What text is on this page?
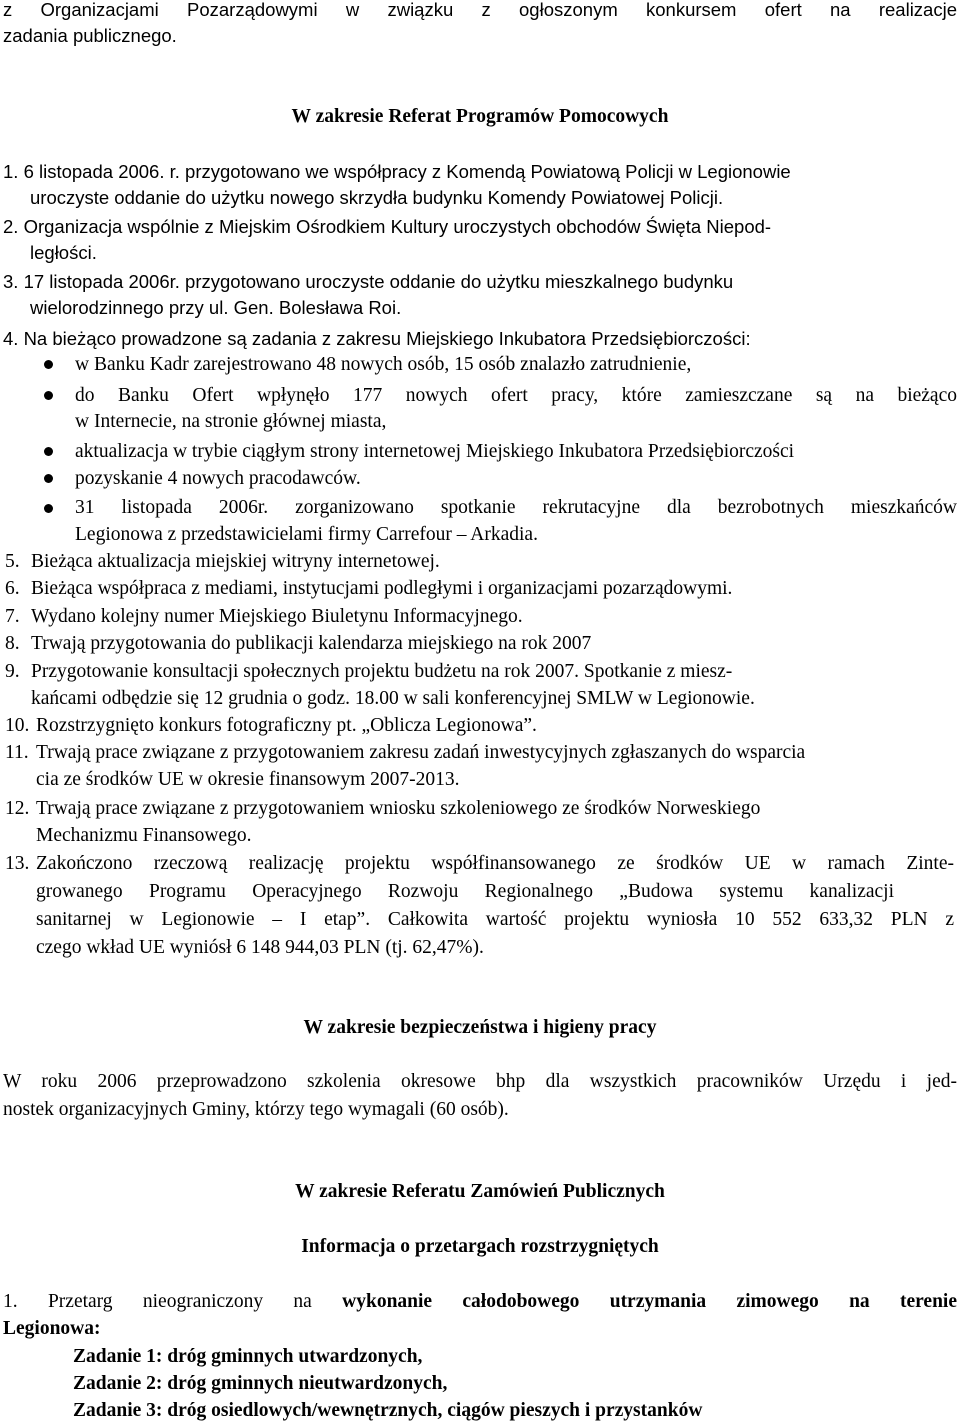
z Organizacjami Pozarządowymi w związku z ogłoszonym konkursem ofert na realizacje
zadania publicznego.
W zakresie Referat Programów Pomocowych
1. 6 listopada 2006. r. przygotowano we współpracy z Komendą Powiatową Policji w Legionowie
uroczyste oddanie do użytku nowego skrzydła budynku Komendy Powiatowej Policji.
2. Organizacja wspólnie z Miejskim Ośrodkiem Kultury uroczystych obchodów Święta Niepod-
ległości.
3. 17 listopada 2006r. przygotowano uroczyste oddanie do użytku mieszkalnego budynku
wielorodzinnego przy ul. Gen. Bolesława Roi.
4. Na bieżąco prowadzone są zadania z zakresu Miejskiego Inkubatora Przedsiębiorczości:
w Banku Kadr zarejestrowano 48 nowych osób, 15 osób znalazło zatrudnienie,
do Banku Ofert wpłynęło 177 nowych ofert pracy, które zamieszczane są na bieżąco
w Internecie, na stronie głównej miasta,
aktualizacja w trybie ciągłym strony internetowej Miejskiego Inkubatora Przedsiębiorczości
pozyskanie 4 nowych pracodawców.
31 listopada 2006r. zorganizowano spotkanie rekrutacyjne dla bezrobotnych mieszkańców
Legionowa z przedstawicielami firmy Carrefour – Arkadia.
5. Bieżąca aktualizacja miejskiej witryny internetowej.
6. Bieżąca współpraca z mediami, instytucjami podległymi i organizacjami pozarządowymi.
7. Wydano kolejny numer Miejskiego Biuletynu Informacyjnego.
8. Trwają przygotowania do publikacji kalendarza miejskiego na rok 2007
9. Przygotowanie konsultacji społecznych projektu budżetu na rok 2007. Spotkanie z miesz-
kańcami odbędzie się 12 grudnia o godz. 18.00 w sali konferencyjnej SMLW w Legionowie.
10. Rozstrzygnięto konkurs fotograficzny pt. „Oblicza Legionowa”.
11. Trwają prace związane z przygotowaniem zakresu zadań inwestycyjnych zgłaszanych do wsparcia
cia ze środków UE w okresie finansowym 2007-2013.
12. Trwają prace związane z przygotowaniem wniosku szkoleniowego ze środków Norweskiego
Mechanizmu Finansowego.
13. Zakończono rzeczową realizację projektu współfinansowanego ze środków UE w ramach Zinte-
growanego Programu Operacyjnego Rozwoju Regionalnego „Budowa systemu kanalizacji
sanitarnej w Legionowie – I etap”. Całkowita wartość projektu wyniosła 10 552 633,32 PLN z
czego wkład UE wyniósł 6 148 944,03 PLN (tj. 62,47%).
W zakresie bezpieczeństwa i higieny pracy
W roku 2006 przeprowadzono szkolenia okresowe bhp dla wszystkich pracowników Urzędu i jed-
nostek organizacyjnych Gminy, którzy tego wymagali (60 osób).
W zakresie Referatu Zamówień Publicznych
Informacja o przetargach rozstrzygniętych
1. Przetarg nieograniczony na wykonanie całodobowego utrzymania zimowego na terenie
Legionowa:
Zadanie 1: dróg gminnych utwardzonych,
Zadanie 2: dróg gminnych nieutwardzonych,
Zadanie 3: dróg osiedlowych/wewnętrznych, ciągów pieszych i przystanków
